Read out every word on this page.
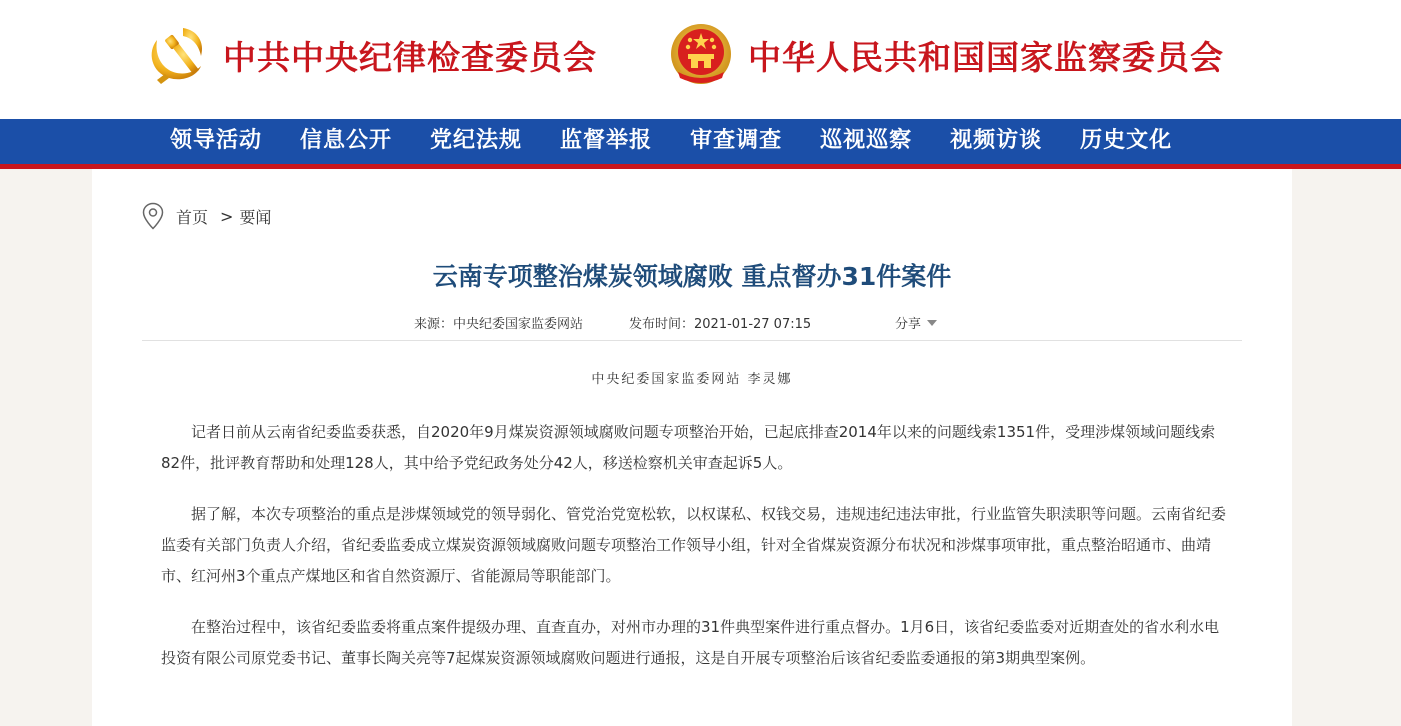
中共中央纪律检查委员会	中华人民共和国国家监察委员会
领导活动 信息公开 党纪法规 监督举报 审查调查 巡视巡察 视频访谈 历史文化
首页 > 要闻
云南专项整治煤炭领域腐败 重点督办31件案件
来源：中央纪委国家监委网站	发布时间：2021-01-27 07:15	分享
中央纪委国家监委网站 李灵娜

记者日前从云南省纪委监委获悉，自2020年9月煤炭资源领域腐败问题专项整治开始，已起底排查2014年以来的问题线索1351件，受理涉煤领域问题线索82件，批评教育帮助和处理128人，其中给予党纪政务处分42人，移送检察机关审查起诉5人。

据了解，本次专项整治的重点是涉煤领域党的领导弱化、管党治党宽松软，以权谋私、权钱交易，违规违纪违法审批，行业监管失职渎职等问题。云南省纪委监委有关部门负责人介绍，省纪委监委成立煤炭资源领域腐败问题专项整治工作领导小组，针对全省煤炭资源分布状况和涉煤事项审批，重点整治昭通市、曲靖市、红河州3个重点产煤地区和省自然资源厅、省能源局等职能部门。

在整治过程中，该省纪委监委将重点案件提级办理、直查直办，对州市办理的31件典型案件进行重点督办。1月6日，该省纪委监委对近期查处的省水利水电投资有限公司原党委书记、董事长陶关亮等7起煤炭资源领域腐败问题进行通报，这是自开展专项整治后该省纪委监委通报的第3期典型案例。
